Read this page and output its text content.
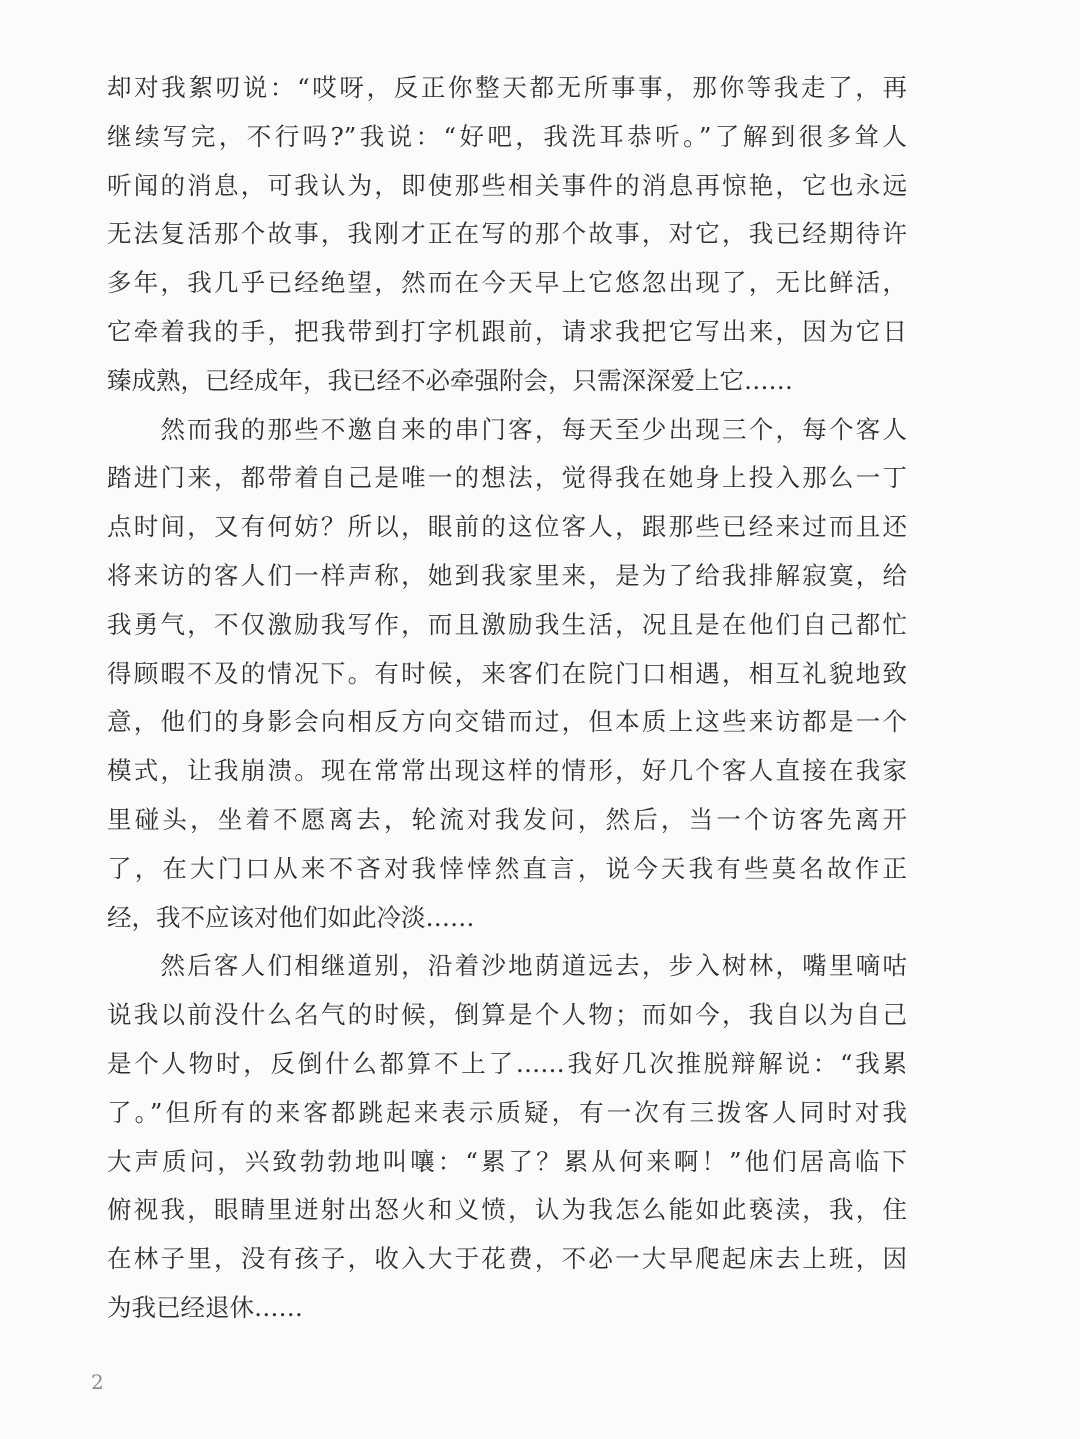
却对我絮叨说：“哎呀，反正你整天都无所事事，那你等我走了，再
继续写完，不行吗?”我说：“好吧，我洗耳恭听。”了解到很多耸人
听闻的消息，可我认为，即使那些相关事件的消息再惊艳，它也永远
无法复活那个故事，我刚才正在写的那个故事，对它，我已经期待许
多年，我几乎已经绝望，然而在今天早上它悠忽出现了，无比鲜活，
它牵着我的手，把我带到打字机跟前，请求我把它写出来，因为它日
臻成熟，已经成年，我已经不必牵强附会，只需深深爱上它……
　　然而我的那些不邀自来的串门客，每天至少出现三个，每个客人
踏进门来，都带着自己是唯一的想法，觉得我在她身上投入那么一丁
点时间，又有何妨？所以，眼前的这位客人，跟那些已经来过而且还
将来访的客人们一样声称，她到我家里来，是为了给我排解寂寞，给
我勇气，不仅激励我写作，而且激励我生活，况且是在他们自己都忙
得顾暇不及的情况下。有时候，来客们在院门口相遇，相互礼貌地致
意，他们的身影会向相反方向交错而过，但本质上这些来访都是一个
模式，让我崩溃。现在常常出现这样的情形，好几个客人直接在我家
里碰头，坐着不愿离去，轮流对我发问，然后，当一个访客先离开
了，在大门口从来不吝对我悻悻然直言，说今天我有些莫名故作正
经，我不应该对他们如此冷淡……
　　然后客人们相继道别，沿着沙地荫道远去，步入树林，嘴里嘀咕
说我以前没什么名气的时候，倒算是个人物；而如今，我自以为自己
是个人物时，反倒什么都算不上了……我好几次推脱辩解说：“我累
了。”但所有的来客都跳起来表示质疑，有一次有三拨客人同时对我
大声质问，兴致勃勃地叫嚷：“累了？累从何来啊！”他们居高临下
俯视我，眼睛里迸射出怒火和义愤，认为我怎么能如此亵渎，我，住
在林子里，没有孩子，收入大于花费，不必一大早爬起床去上班，因
为我已经退休……
2
